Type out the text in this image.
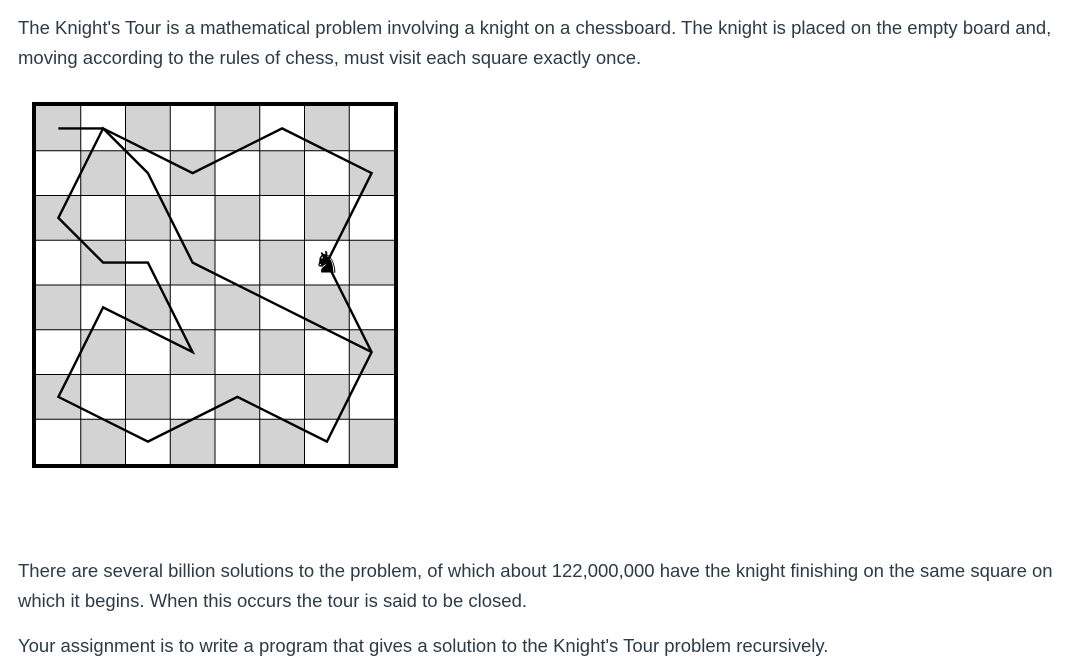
The Knight's Tour is a mathematical problem involving a knight on a chessboard. The knight is placed on the empty board and, moving according to the rules of chess, must visit each square exactly once.

♞

There are several billion solutions to the problem, of which about 122,000,000 have the knight finishing on the same square on which it begins. When this occurs the tour is said to be closed.

Your assignment is to write a program that gives a solution to the Knight's Tour problem recursively.
